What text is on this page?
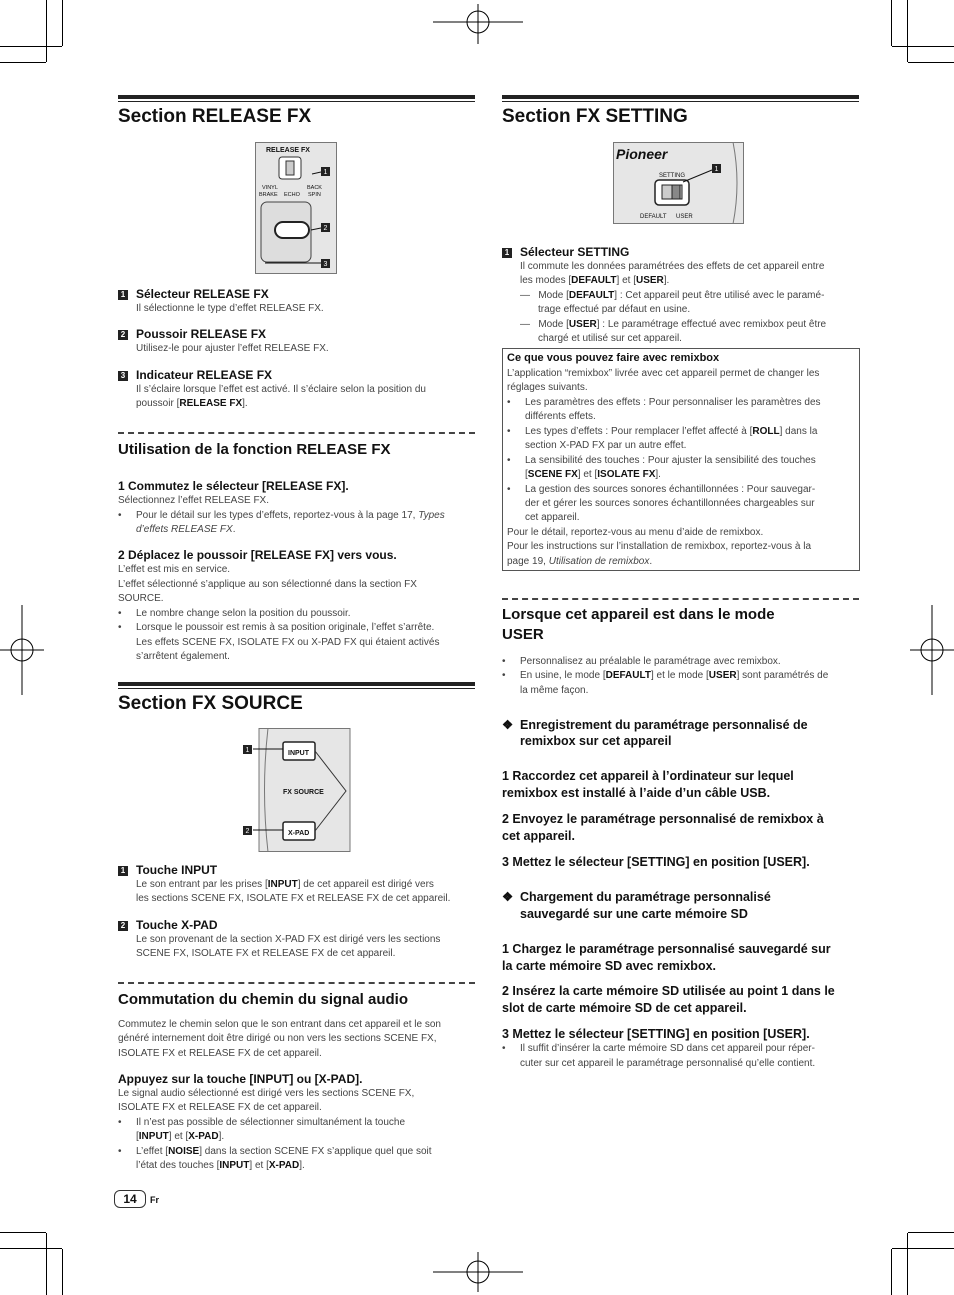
Section RELEASE FX
RELEASE FX
VINYL	BACK
BRAKE ECHO SPIN
1
2
3
1 Sélecteur RELEASE FX
Il sélectionne le type d’effet RELEASE FX.
2 Poussoir RELEASE FX
Utilisez-le pour ajuster l’effet RELEASE FX.
3 Indicateur RELEASE FX
Il s’éclaire lorsque l’effet est activé. Il s’éclaire selon la position du
poussoir [RELEASE FX].
Utilisation de la fonction RELEASE FX
1 Commutez le sélecteur [RELEASE FX].
Sélectionnez l’effet RELEASE FX.
• Pour le détail sur les types d’effets, reportez-vous à la page 17, Types
d’effets RELEASE FX.
2 Déplacez le poussoir [RELEASE FX] vers vous.
L’effet est mis en service.
L’effet sélectionné s’applique au son sélectionné dans la section FX
SOURCE.
• Le nombre change selon la position du poussoir.
• Lorsque le poussoir est remis à sa position originale, l’effet s’arrête.
Les effets SCENE FX, ISOLATE FX ou X-PAD FX qui étaient activés
s’arrêtent également.
Section FX SOURCE
INPUT
X-PAD
FX SOURCE
1
2
1 Touche INPUT
Le son entrant par les prises [INPUT] de cet appareil est dirigé vers
les sections SCENE FX, ISOLATE FX et RELEASE FX de cet appareil.
2 Touche X-PAD
Le son provenant de la section X-PAD FX est dirigé vers les sections
SCENE FX, ISOLATE FX et RELEASE FX de cet appareil.
Commutation du chemin du signal audio
Commutez le chemin selon que le son entrant dans cet appareil et le son
généré internement doit être dirigé ou non vers les sections SCENE FX,
ISOLATE FX et RELEASE FX de cet appareil.
Appuyez sur la touche [INPUT] ou [X-PAD].
Le signal audio sélectionné est dirigé vers les sections SCENE FX,
ISOLATE FX et RELEASE FX de cet appareil.
• Il n’est pas possible de sélectionner simultanément la touche
[INPUT] et [X-PAD].
• L’effet [NOISE] dans la section SCENE FX s’applique quel que soit
l’état des touches [INPUT] et [X-PAD].
14	Fr
Section FX SETTING
Pioneer
SETTING
DEFAULT USER
1
1 Sélecteur SETTING
Il commute les données paramétrées des effets de cet appareil entre
les modes [DEFAULT] et [USER].
—   Mode [DEFAULT] : Cet appareil peut être utilisé avec le paramé-
trage effectué par défaut en usine.
—   Mode [USER] : Le paramétrage effectué avec remixbox peut être
chargé et utilisé sur cet appareil.
Ce que vous pouvez faire avec remixbox
L’application “remixbox” livrée avec cet appareil permet de changer les
réglages suivants.
• Les paramètres des effets : Pour personnaliser les paramètres des
différents effets.
• Les types d’effets : Pour remplacer l’effet affecté à [ROLL] dans la
section X-PAD FX par un autre effet.
• La sensibilité des touches : Pour ajuster la sensibilité des touches
[SCENE FX] et [ISOLATE FX].
• La gestion des sources sonores échantillonnées : Pour sauvegar-
der et gérer les sources sonores échantillonnées chargeables sur
cet appareil.
Pour le détail, reportez-vous au menu d’aide de remixbox.
Pour les instructions sur l’installation de remixbox, reportez-vous à la
page 19, Utilisation de remixbox.
Lorsque cet appareil est dans le mode
USER
• Personnalisez au préalable le paramétrage avec remixbox.
• En usine, le mode [DEFAULT] et le mode [USER] sont paramétrés de
la même façon.
❖ Enregistrement du paramétrage personnalisé de
remixbox sur cet appareil
1 Raccordez cet appareil à l’ordinateur sur lequel
remixbox est installé à l’aide d’un câble USB.
2 Envoyez le paramétrage personnalisé de remixbox à
cet appareil.
3 Mettez le sélecteur [SETTING] en position [USER].
❖ Chargement du paramétrage personnalisé
sauvegardé sur une carte mémoire SD
1 Chargez le paramétrage personnalisé sauvegardé sur
la carte mémoire SD avec remixbox.
2 Insérez la carte mémoire SD utilisée au point 1 dans le
slot de carte mémoire SD de cet appareil.
3 Mettez le sélecteur [SETTING] en position [USER].
• Il suffit d’insérer la carte mémoire SD dans cet appareil pour réper-
cuter sur cet appareil le paramétrage personnalisé qu’elle contient.
